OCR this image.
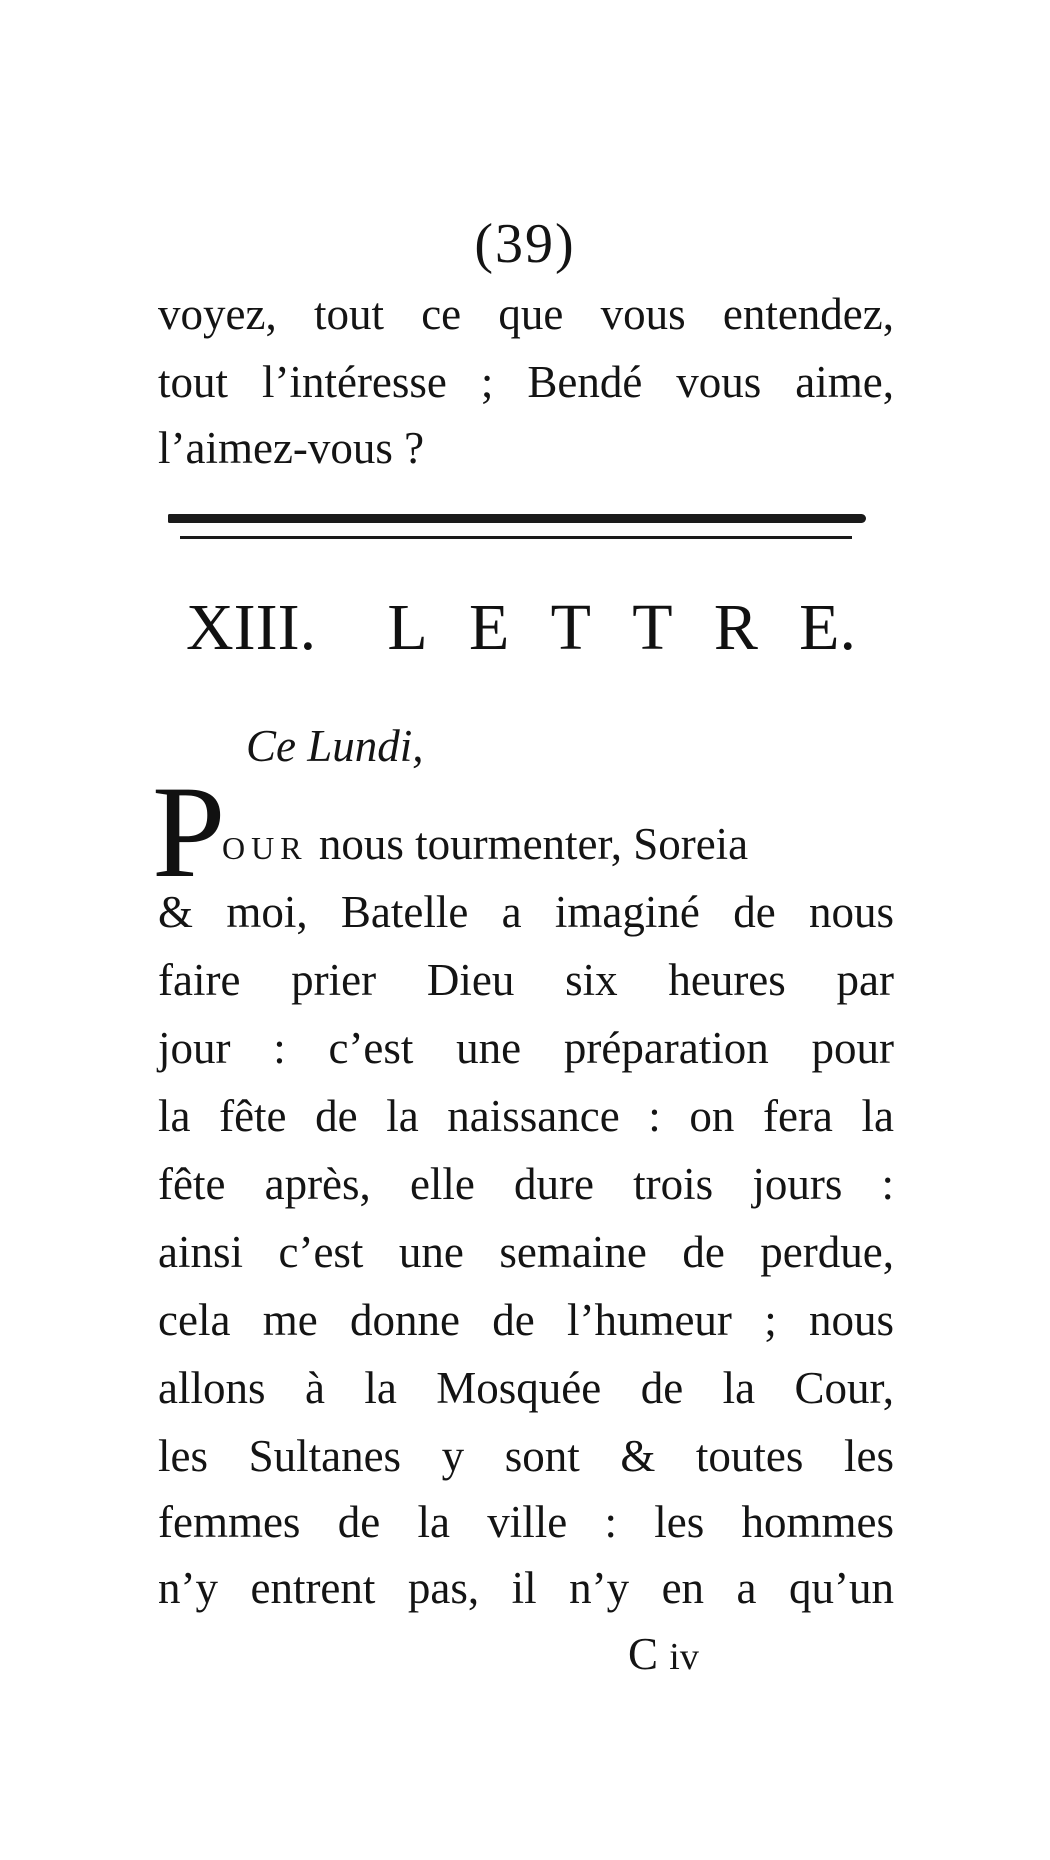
(39)
voyez, tout ce que vous entendez,
tout l’intéresse ; Bendé vous aime,
l’aimez-vous ?
XIII. L E T T R E.
Ce Lundi,
P
OUR nous tourmenter, Soreia
& moi, Batelle a imaginé de nous
faire prier Dieu six heures par
jour : c’est une préparation pour
la fête de la naissance : on fera la
fête après, elle dure trois jours :
ainsi c’est une semaine de perdue,
cela me donne de l’humeur ; nous
allons à la Mosquée de la Cour,
les Sultanes y sont & toutes les
femmes de la ville : les hommes
n’y entrent pas, il n’y en a qu’un
C iv
